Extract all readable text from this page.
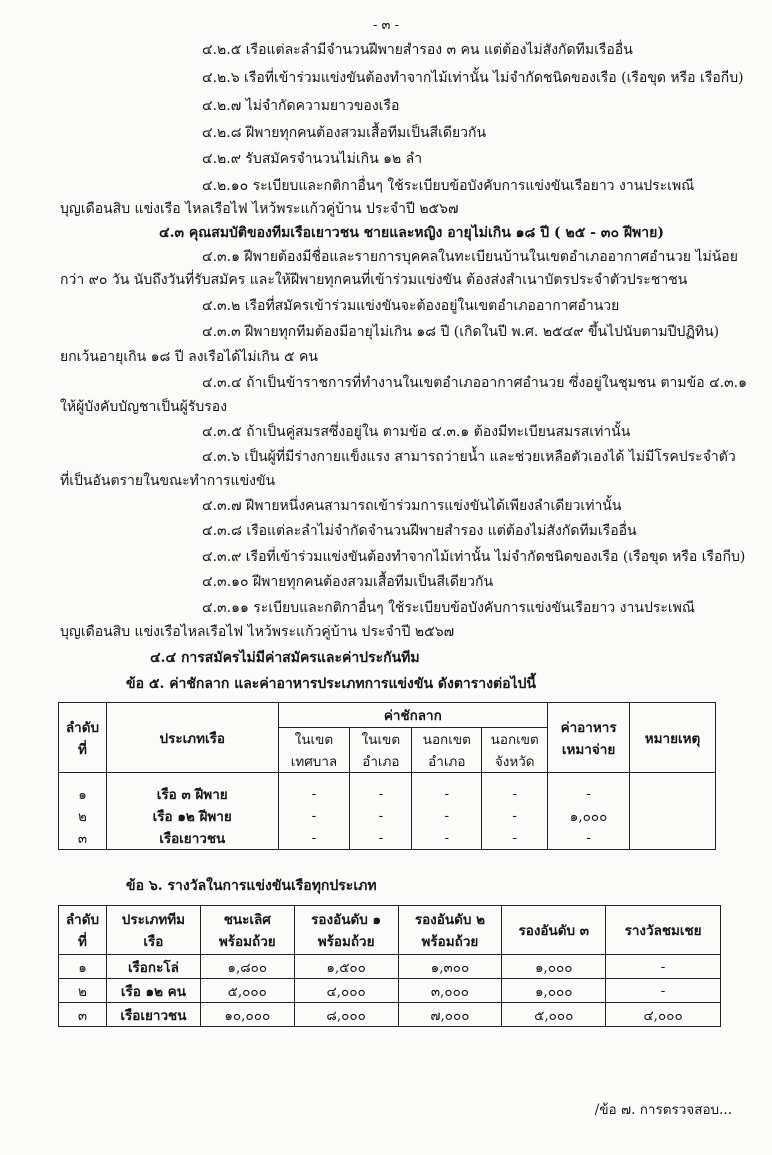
- ๓ -
๔.๒.๕ เรือแต่ละลำมีจำนวนฝีพายสำรอง ๓ คน แต่ต้องไม่สังกัดทีมเรืออื่น
๔.๒.๖ เรือที่เข้าร่วมแข่งขันต้องทำจากไม้เท่านั้น ไม่จำกัดชนิดของเรือ (เรือขุด หรือ เรือกีบ)
๔.๒.๗ ไม่จำกัดความยาวของเรือ
๔.๒.๘ ฝีพายทุกคนต้องสวมเสื้อทีมเป็นสีเดียวกัน
๔.๒.๙ รับสมัครจำนวนไม่เกิน ๑๒ ลำ
๔.๒.๑๐ ระเบียบและกติกาอื่นๆ ใช้ระเบียบข้อบังคับการแข่งขันเรือยาว งานประเพณี
บุญเดือนสิบ แข่งเรือ ไหลเรือไฟ ไหว้พระแก้วคู่บ้าน ประจำปี ๒๕๖๗
๔.๓ คุณสมบัติของทีมเรือเยาวชน ชายและหญิง อายุไม่เกิน ๑๘ ปี ( ๒๕ - ๓๐ ฝีพาย)
๔.๓.๑ ฝีพายต้องมีชื่อและรายการบุคคลในทะเบียนบ้านในเขตอำเภออากาศอำนวย ไม่น้อย
กว่า ๙๐ วัน นับถึงวันที่รับสมัคร และให้ฝีพายทุกคนที่เข้าร่วมแข่งขัน ต้องส่งสำเนาบัตรประจำตัวประชาชน
๔.๓.๒ เรือที่สมัครเข้าร่วมแข่งขันจะต้องอยู่ในเขตอำเภออากาศอำนวย
๔.๓.๓ ฝีพายทุกทีมต้องมีอายุไม่เกิน ๑๘ ปี (เกิดในปี พ.ศ. ๒๕๔๙ ขึ้นไปนับตามปีปฏิทิน)
ยกเว้นอายุเกิน ๑๘ ปี ลงเรือได้ไม่เกิน ๕ คน
๔.๓.๔ ถ้าเป็นข้าราชการที่ทำงานในเขตอำเภออากาศอำนวย ซึ่งอยู่ในชุมชน ตามข้อ ๔.๓.๑
ให้ผู้บังคับบัญชาเป็นผู้รับรอง
๔.๓.๕ ถ้าเป็นคู่สมรสซึ่งอยู่ใน ตามข้อ ๔.๓.๑ ต้องมีทะเบียนสมรสเท่านั้น
๔.๓.๖ เป็นผู้ที่มีร่างกายแข็งแรง สามารถว่ายน้ำ และช่วยเหลือตัวเองได้ ไม่มีโรคประจำตัว
ที่เป็นอันตรายในขณะทำการแข่งขัน
๔.๓.๗ ฝีพายหนึ่งคนสามารถเข้าร่วมการแข่งขันได้เพียงลำเดียวเท่านั้น
๔.๓.๘ เรือแต่ละลำไม่จำกัดจำนวนฝีพายสำรอง แต่ต้องไม่สังกัดทีมเรืออื่น
๔.๓.๙ เรือที่เข้าร่วมแข่งขันต้องทำจากไม้เท่านั้น ไม่จำกัดชนิดของเรือ (เรือขุด หรือ เรือกีบ)
๔.๓.๑๐ ฝีพายทุกคนต้องสวมเสื้อทีมเป็นสีเดียวกัน
๔.๓.๑๑ ระเบียบและกติกาอื่นๆ ใช้ระเบียบข้อบังคับการแข่งขันเรือยาว งานประเพณี
บุญเดือนสิบ แข่งเรือไหลเรือไฟ ไหว้พระแก้วคู่บ้าน ประจำปี ๒๕๖๗
๔.๔ การสมัครไม่มีค่าสมัครและค่าประกันทีม
ข้อ ๕. ค่าชักลาก และค่าอาหารประเภทการแข่งขัน ดังตารางต่อไปนี้
ลำดับ ที่	ประเภทเรือ	ค่าชักลาก				ค่าอาหาร เหมาจ่าย	หมายเหตุ
		ในเขต เทศบาล	ในเขต อำเภอ	นอกเขต อำเภอ	นอกเขต จังหวัด		
๑	เรือ ๓ ฝีพาย	-	-	-	-	-	
๒	เรือ ๑๒ ฝีพาย	-	-	-	-	๑,๐๐๐	
๓	เรือเยาวชน	-	-	-	-	-	
ข้อ ๖. รางวัลในการแข่งขันเรือทุกประเภท
ลำดับ ที่	ประเภททีม เรือ	ชนะเลิศ พร้อมถ้วย	รองอันดับ ๑ พร้อมถ้วย	รองอันดับ ๒ พร้อมถ้วย	รองอันดับ ๓	รางวัลชมเชย
๑	เรือกะโล่	๑,๘๐๐	๑,๕๐๐	๑,๓๐๐	๑,๐๐๐	-
๒	เรือ ๑๒ คน	๕,๐๐๐	๔,๐๐๐	๓,๐๐๐	๑,๐๐๐	-
๓	เรือเยาวชน	๑๐,๐๐๐	๘,๐๐๐	๗,๐๐๐	๕,๐๐๐	๔,๐๐๐
/ข้อ ๗. การตรวจสอบ...
